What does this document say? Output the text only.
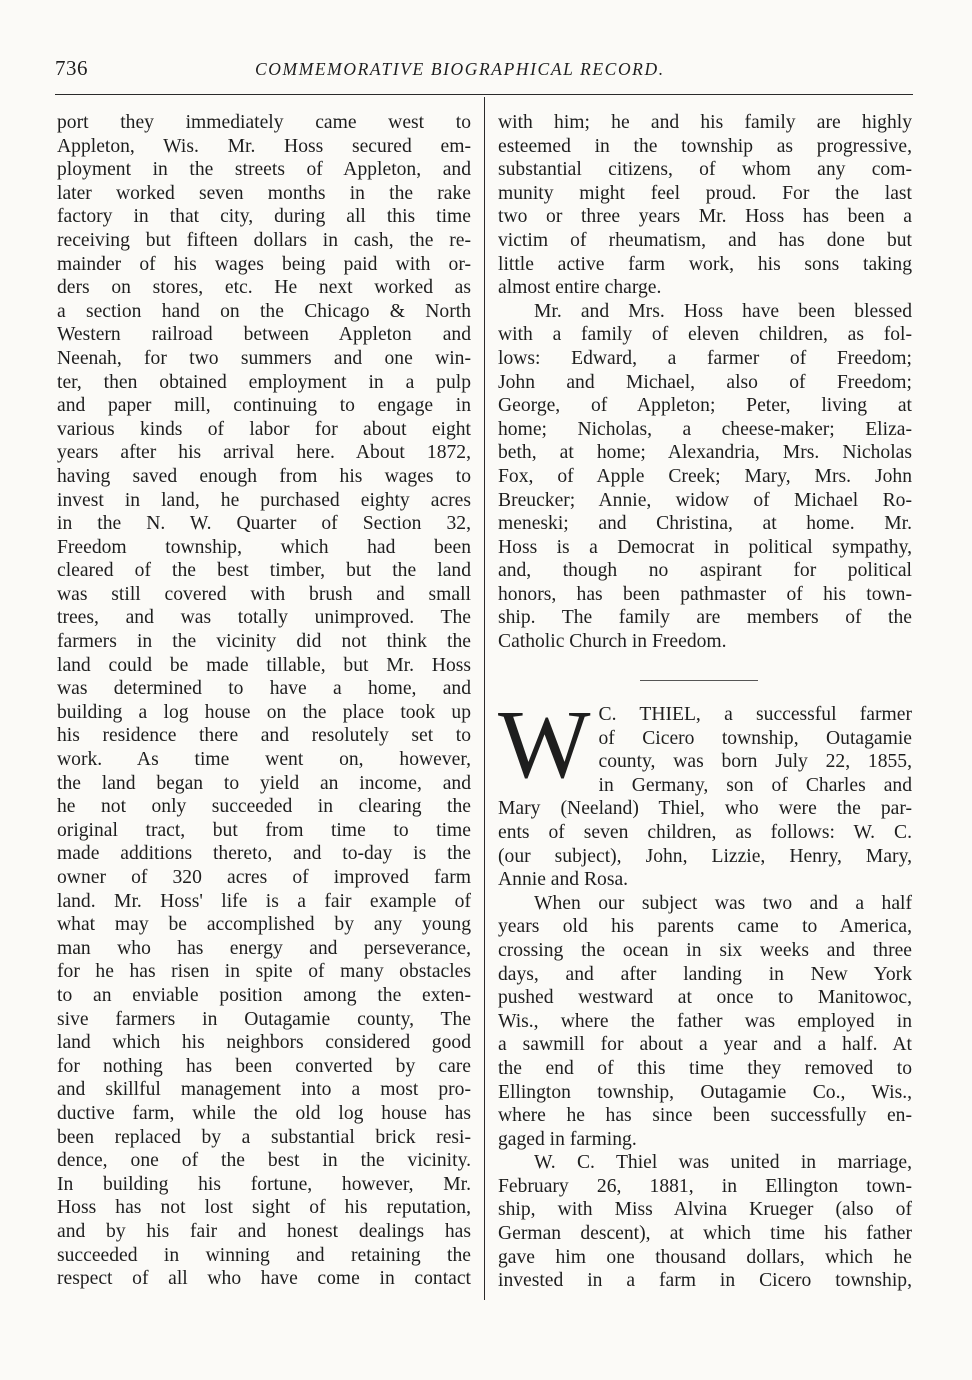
736	COMMEMORATIVE BIOGRAPHICAL RECORD.
port they immediately came west to
Appleton, Wis. Mr. Hoss secured em-
ployment in the streets of Appleton, and
later worked seven months in the rake
factory in that city, during all this time
receiving but fifteen dollars in cash, the re-
mainder of his wages being paid with or-
ders on stores, etc. He next worked as
a section hand on the Chicago & North
Western railroad between Appleton and
Neenah, for two summers and one win-
ter, then obtained employment in a pulp
and paper mill, continuing to engage in
various kinds of labor for about eight
years after his arrival here. About 1872,
having saved enough from his wages to
invest in land, he purchased eighty acres
in the N. W. Quarter of Section 32,
Freedom township, which had been
cleared of the best timber, but the land
was still covered with brush and small
trees, and was totally unimproved. The
farmers in the vicinity did not think the
land could be made tillable, but Mr. Hoss
was determined to have a home, and
building a log house on the place took up
his residence there and resolutely set to
work. As time went on, however,
the land began to yield an income, and
he not only succeeded in clearing the
original tract, but from time to time
made additions thereto, and to-day is the
owner of 320 acres of improved farm
land. Mr. Hoss' life is a fair example of
what may be accomplished by any young
man who has energy and perseverance,
for he has risen in spite of many obstacles
to an enviable position among the exten-
sive farmers in Outagamie county, The
land which his neighbors considered good
for nothing has been converted by care
and skillful management into a most pro-
ductive farm, while the old log house has
been replaced by a substantial brick resi-
dence, one of the best in the vicinity.
In building his fortune, however, Mr.
Hoss has not lost sight of his reputation,
and by his fair and honest dealings has
succeeded in winning and retaining the
respect of all who have come in contact
with him; he and his family are highly
esteemed in the township as progressive,
substantial citizens, of whom any com-
munity might feel proud. For the last
two or three years Mr. Hoss has been a
victim of rheumatism, and has done but
little active farm work, his sons taking
almost entire charge.
Mr. and Mrs. Hoss have been blessed
with a family of eleven children, as fol-
lows: Edward, a farmer of Freedom;
John and Michael, also of Freedom;
George, of Appleton; Peter, living at
home; Nicholas, a cheese-maker; Eliza-
beth, at home; Alexandria, Mrs. Nicholas
Fox, of Apple Creek; Mary, Mrs. John
Breucker; Annie, widow of Michael Ro-
meneski; and Christina, at home. Mr.
Hoss is a Democrat in political sympathy,
and, though no aspirant for political
honors, has been pathmaster of his town-
ship. The family are members of the
Catholic Church in Freedom.
W C. THIEL, a successful farmer
of Cicero township, Outagamie
county, was born July 22, 1855,
in Germany, son of Charles and
Mary (Neeland) Thiel, who were the par-
ents of seven children, as follows: W. C.
(our subject), John, Lizzie, Henry, Mary,
Annie and Rosa.
When our subject was two and a half
years old his parents came to America,
crossing the ocean in six weeks and three
days, and after landing in New York
pushed westward at once to Manitowoc,
Wis., where the father was employed in
a sawmill for about a year and a half. At
the end of this time they removed to
Ellington township, Outagamie Co., Wis.,
where he has since been successfully en-
gaged in farming.
W. C. Thiel was united in marriage,
February 26, 1881, in Ellington town-
ship, with Miss Alvina Krueger (also of
German descent), at which time his father
gave him one thousand dollars, which he
invested in a farm in Cicero township,
